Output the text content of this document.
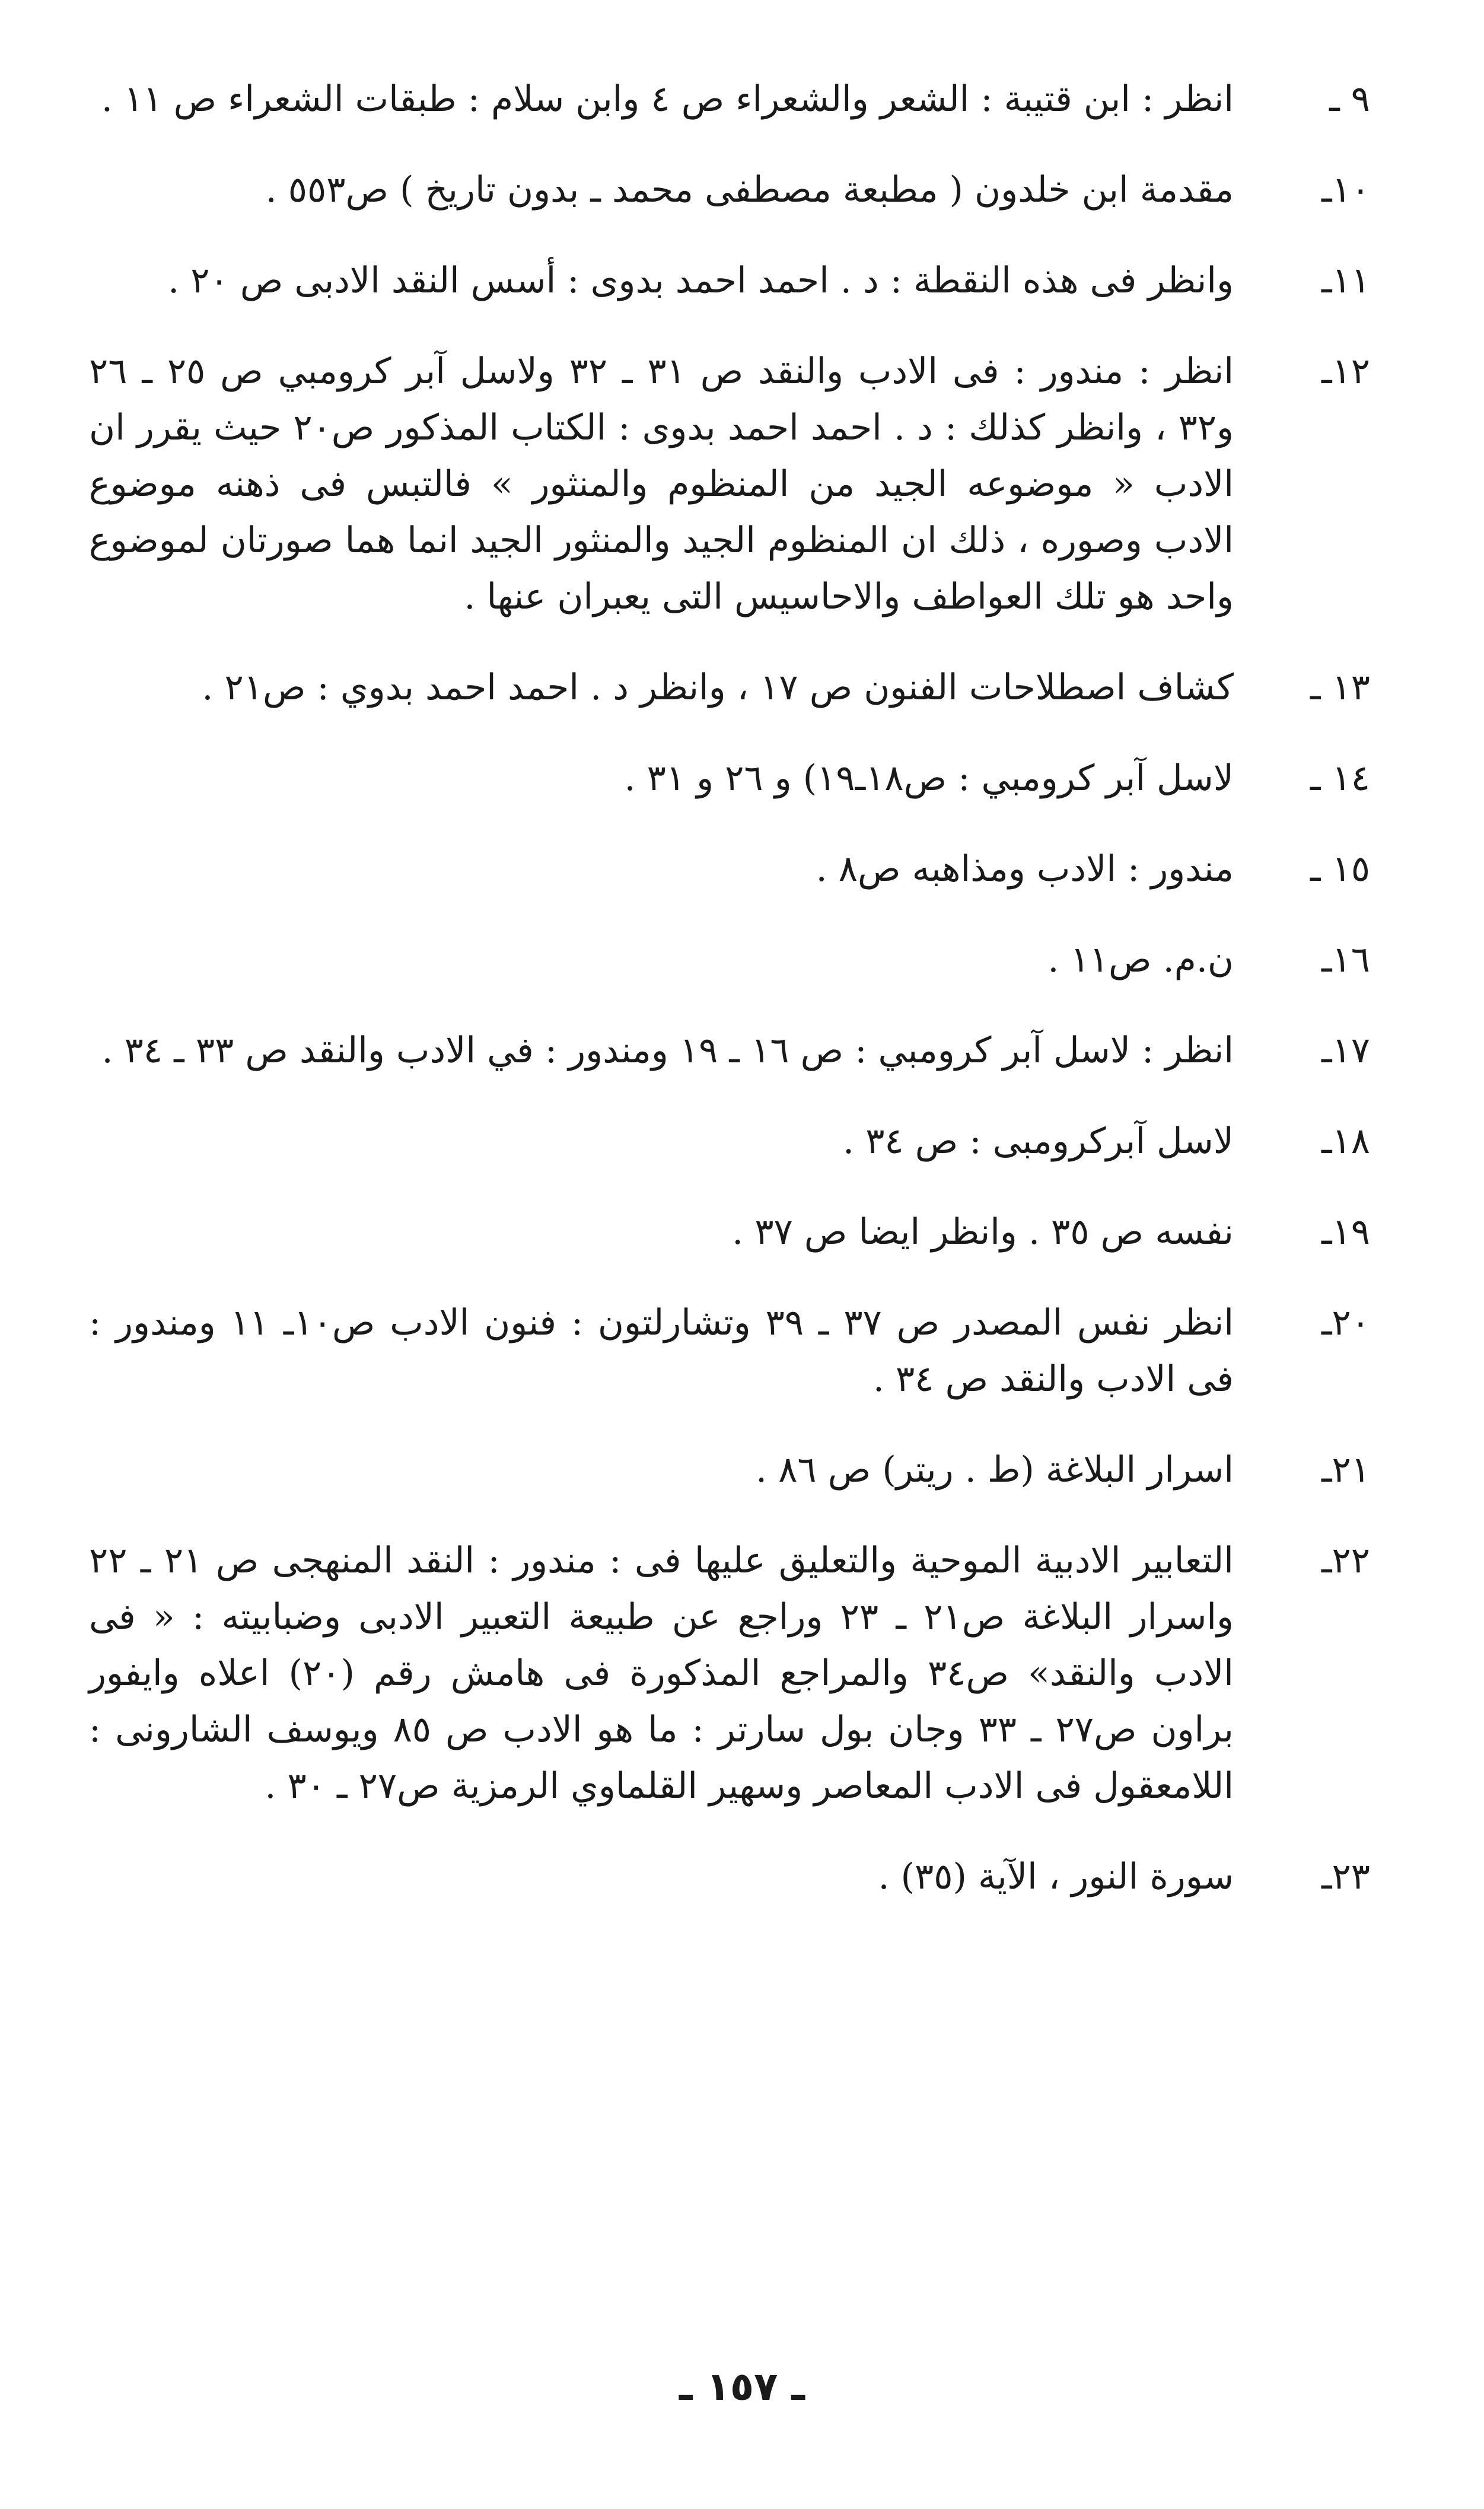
٩ ـ
انظر : ابن قتيبة : الشعر والشعراء ص ٤ وابن سلام : طبقات الشعراء ص ١١ .
١٠ـ
مقدمة ابن خلدون ( مطبعة مصطفى محمد ـ بدون تاريخ ) ص٥٥٣ .
١١ـ
وانظر فى هذه النقطة : د . احمد احمد بدوى : أسس النقد الادبى ص ٢٠ .
١٢ـ
انظر : مندور : فى الادب والنقد ص ٣١ ـ ٣٢ ولاسل آبر كرومبي ص ٢٥ ـ ٢٦ و٣٢ ، وانظر كذلك : د . احمد احمد بدوى : الكتاب المذكور ص٢٠ حيث يقرر ان الادب « موضوعه الجيد من المنظوم والمنثور » فالتبس فى ذهنه موضوع الادب وصوره ، ذلك ان المنظوم الجيد والمنثور الجيد انما هما صورتان لموضوع واحد هو تلك العواطف والاحاسيس التى يعبران عنها .
١٣ ـ
كشاف اصطلاحات الفنون ص ١٧ ، وانظر د . احمد احمد بدوي : ص٢١ .
١٤ ـ
لاسل آبر كرومبي : ص١٨ـ١٩) و ٢٦ و ٣١ .
١٥ ـ
مندور : الادب ومذاهبه ص٨ .
١٦ـ
ن.م. ص١١ .
١٧ـ
انظر : لاسل آبر كرومبي : ص ١٦ ـ ١٩ ومندور : في الادب والنقد ص ٣٣ ـ ٣٤ .
١٨ـ
لاسل آبركرومبى : ص ٣٤ .
١٩ـ
نفسه ص ٣٥ . وانظر ايضا ص ٣٧ .
٢٠ـ
انظر نفس المصدر ص ٣٧ ـ ٣٩ وتشارلتون : فنون الادب ص١٠ـ ١١ ومندور : فى الادب والنقد ص ٣٤ .
٢١ـ
اسرار البلاغة (ط . ريتر) ص ٨٦ .
٢٢ـ
التعابير الادبية الموحية والتعليق عليها فى : مندور : النقد المنهجى ص ٢١ ـ ٢٢ واسرار البلاغة ص٢١ ـ ٢٣ وراجع عن طبيعة التعبير الادبى وضبابيته : « فى الادب والنقد» ص٣٤ والمراجع المذكورة فى هامش رقم (٢٠) اعلاه وايفور براون ص٢٧ ـ ٣٣ وجان بول سارتر : ما هو الادب ص ٨٥ ويوسف الشارونى : اللامعقول فى الادب المعاصر وسهير القلماوي الرمزية ص٢٧ ـ ٣٠ .
٢٣ـ
سورة النور ، الآية (٣٥) .
ـ ١٥٧ ـ
